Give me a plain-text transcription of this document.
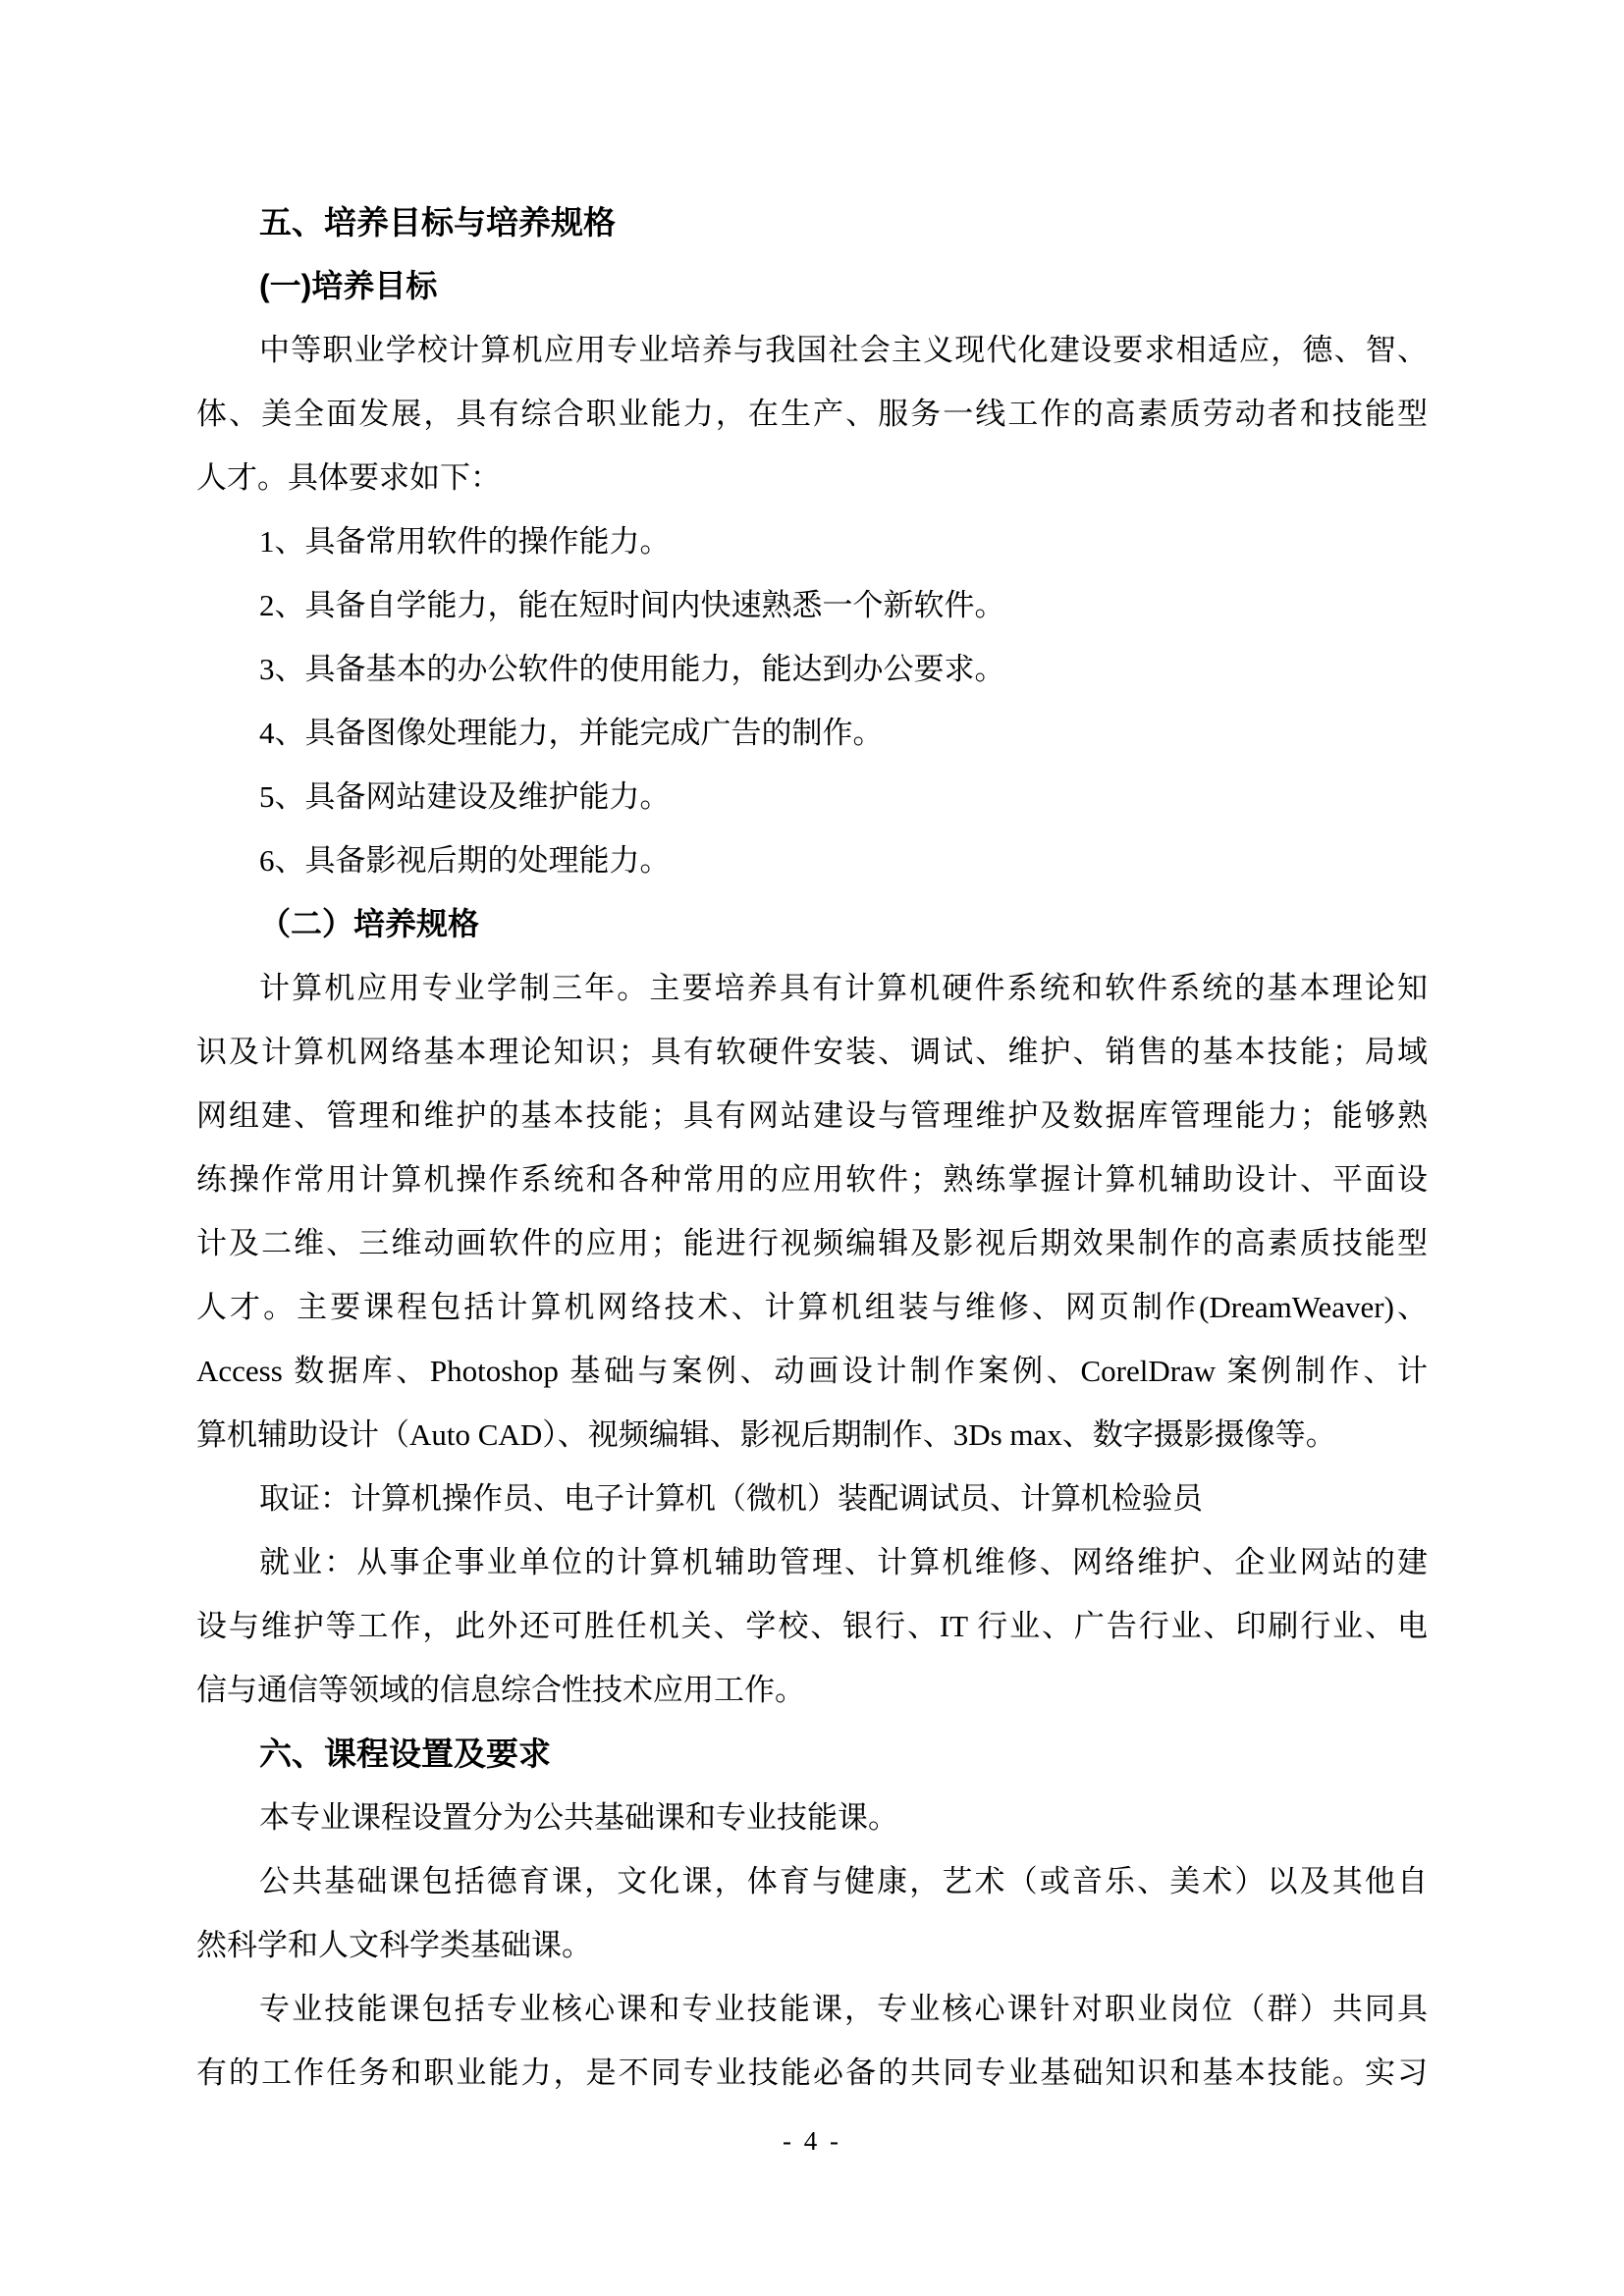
五、培养目标与培养规格
(一)培养目标
中等职业学校计算机应用专业培养与我国社会主义现代化建设要求相适应，德、智、
体、美全面发展，具有综合职业能力，在生产、服务一线工作的高素质劳动者和技能型
人才。具体要求如下：
1、具备常用软件的操作能力。
2、具备自学能力，能在短时间内快速熟悉一个新软件。
3、具备基本的办公软件的使用能力，能达到办公要求。
4、具备图像处理能力，并能完成广告的制作。
5、具备网站建设及维护能力。
6、具备影视后期的处理能力。
（二）培养规格
计算机应用专业学制三年。主要培养具有计算机硬件系统和软件系统的基本理论知
识及计算机网络基本理论知识；具有软硬件安装、调试、维护、销售的基本技能；局域
网组建、管理和维护的基本技能；具有网站建设与管理维护及数据库管理能力；能够熟
练操作常用计算机操作系统和各种常用的应用软件；熟练掌握计算机辅助设计、平面设
计及二维、三维动画软件的应用；能进行视频编辑及影视后期效果制作的高素质技能型
人才。主要课程包括计算机网络技术、计算机组装与维修、网页制作(DreamWeaver)、
Access 数据库、Photoshop 基础与案例、动画设计制作案例、CorelDraw 案例制作、计
算机辅助设计（Auto CAD）、视频编辑、影视后期制作、3Ds max、数字摄影摄像等。
取证：计算机操作员、电子计算机（微机）装配调试员、计算机检验员
就业：从事企事业单位的计算机辅助管理、计算机维修、网络维护、企业网站的建
设与维护等工作，此外还可胜任机关、学校、银行、IT 行业、广告行业、印刷行业、电
信与通信等领域的信息综合性技术应用工作。
六、课程设置及要求
本专业课程设置分为公共基础课和专业技能课。
公共基础课包括德育课，文化课，体育与健康，艺术（或音乐、美术）以及其他自
然科学和人文科学类基础课。
专业技能课包括专业核心课和专业技能课，专业核心课针对职业岗位（群）共同具
有的工作任务和职业能力，是不同专业技能必备的共同专业基础知识和基本技能。实习
- 4 -
